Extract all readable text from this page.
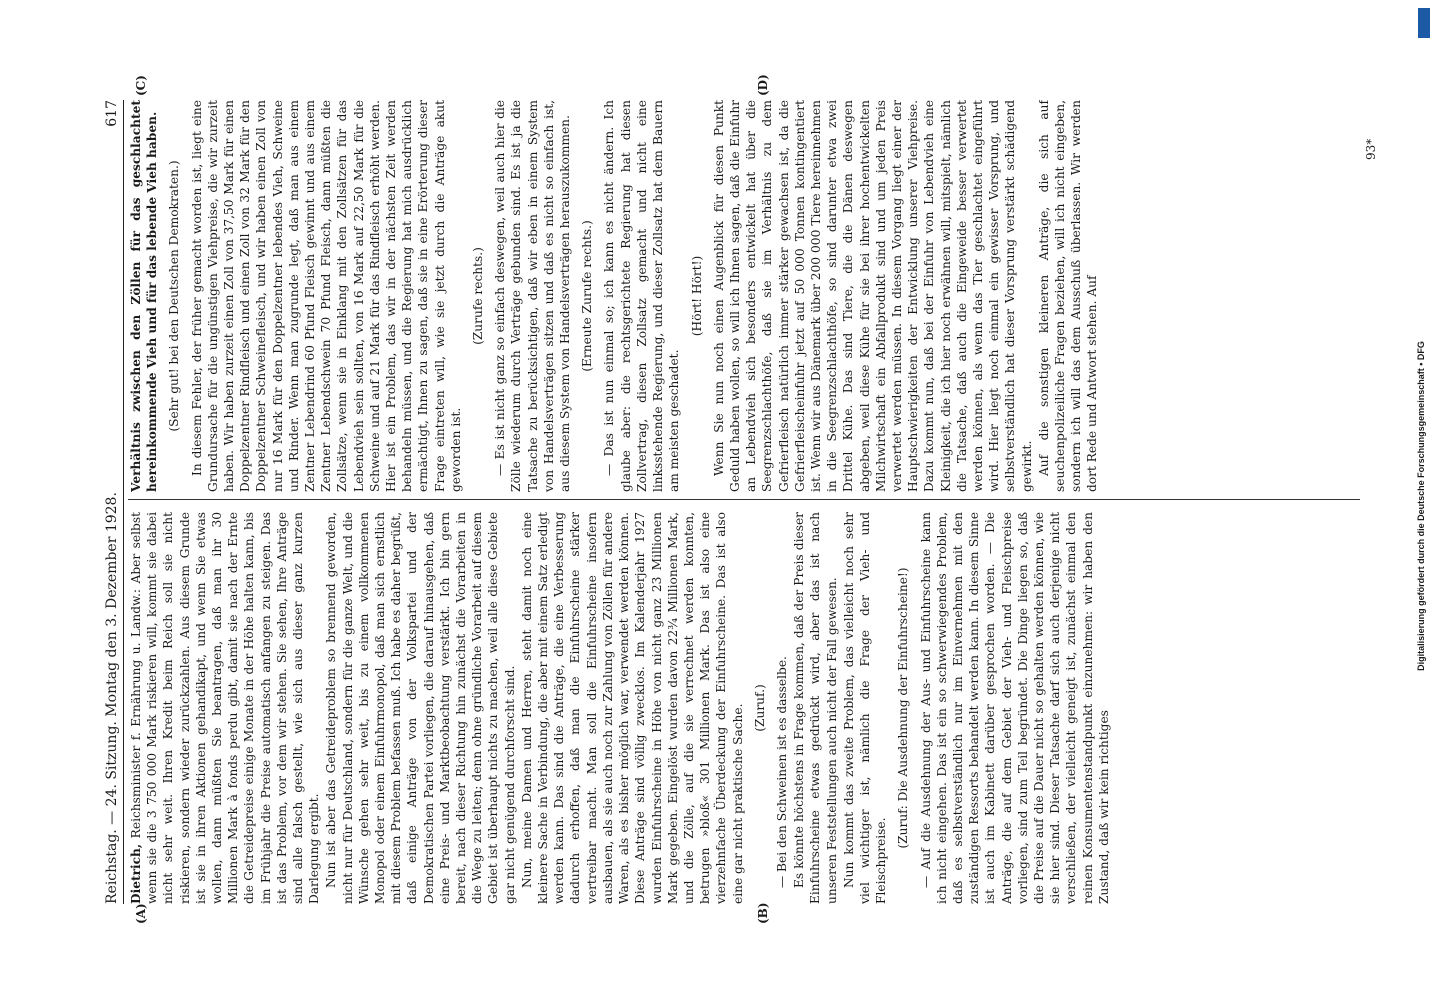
Reichstag. — 24. Sitzung. Montag den 3. Dezember 1928.
617
(A)	(B)
(C)	(D)

Dietrich, Reichsminister f. Ernährung u. Landw.: Aber selbst wenn sie die 3 750 000 Mark riskieren will, kommt sie dabei nicht sehr weit. Ihren Kredit beim Reich soll sie nicht riskieren, sondern wieder zurückzahlen. Aus diesem Grunde ist sie in ihren Aktionen gehandikapt, und wenn Sie etwas wollen, dann müßten Sie beantragen, daß man ihr 30 Millionen Mark à fonds perdu gibt, damit sie nach der Ernte die Getreidepreise einige Monate in der Höhe halten kann, bis im Frühjahr die Preise automatisch anfangen zu steigen. Das ist das Problem, vor dem wir stehen. Sie sehen, Ihre Anträge sind alle falsch gestellt, wie sich aus dieser ganz kurzen Darlegung ergibt. Nun ist aber das Getreideproblem so brennend geworden, nicht nur für Deutschland, sondern für die ganze Welt, und die Wünsche gehen sehr weit, bis zu einem vollkommenen Monopol oder einem Einfuhrmonopol, daß man sich ernstlich mit diesem Problem befassen muß. Ich habe es daher begrüßt, daß einige Anträge von der Volkspartei und der Demokratischen Partei vorliegen, die darauf hinausgehen, daß eine Preis- und Marktbeobachtung verstärkt. Ich bin gern bereit, nach dieser Richtung hin zunächst die Vorarbeiten in die Wege zu leiten; denn ohne gründliche Vorarbeit auf diesem Gebiet ist überhaupt nichts zu machen, weil alle diese Gebiete gar nicht genügend durchforscht sind. Nun, meine Damen und Herren, steht damit noch eine kleinere Sache in Verbindung, die aber mit einem Satz erledigt werden kann. Das sind die Anträge, die eine Verbesserung dadurch erhoffen, daß man die Einfuhrscheine stärker vertreibar macht. Man soll die Einfuhrscheine insofern ausbauen, als sie auch noch zur Zahlung von Zöllen für andere Waren, als es bisher möglich war, verwendet werden können. Diese Anträge sind völlig zwecklos. Im Kalenderjahr 1927 wurden Einfuhrscheine in Höhe von nicht ganz 23 Millionen Mark gegeben. Eingelöst wurden davon 22¾ Millionen Mark, und die Zölle, auf die sie verrechnet werden konnten, betrugen »bloß« 301 Millionen Mark. Das ist also eine vierzehnfache Überdeckung der Einfuhrscheine. Das ist also eine gar nicht praktische Sache. (Zuruf.) — Bei den Schweinen ist es dasselbe. Es könnte höchstens in Frage kommen, daß der Preis dieser Einfuhrscheine etwas gedrückt wird, aber das ist nach unseren Feststellungen auch nicht der Fall gewesen. Nun kommt das zweite Problem, das vielleicht noch sehr viel wichtiger ist, nämlich die Frage der Vieh- und Fleischpreise.

(Zuruf: Die Ausdehnung der Einfuhrscheine!) — Auf die Ausdehnung der Aus- und Einfuhrscheine kann ich nicht eingehen. Das ist ein so schwerwiegendes Problem, daß es selbstverständlich nur im Einvernehmen mit den zuständigen Ressorts behandelt werden kann. In diesem Sinne ist auch im Kabinett darüber gesprochen worden. — Die Anträge, die auf dem Gebiet der Vieh- und Fleischpreise vorliegen, sind zum Teil begründet. Die Dinge liegen so, daß die Preise auf die Dauer nicht so gehalten werden können, wie sie hier sind. Dieser Tatsache darf sich auch derjenige nicht verschließen, der vielleicht geneigt ist, zunächst einmal den reinen Konsumentenstandpunkt einzunehmen: wir haben den Zustand, daß wir kein richtiges

Verhältnis zwischen den Zöllen für das geschlachtet hereinkommende Vieh und für das lebende Vieh haben. (Sehr gut! bei den Deutschen Demokraten.) In diesem Fehler, der früher gemacht worden ist, liegt eine Grundursache für die ungünstigen Viehpreise, die wir zurzeit haben. Wir haben zurzeit einen Zoll von 37,50 Mark für einen Doppelzentner Rindfleisch und einen Zoll von 32 Mark für den Doppelzentner Schweinefleisch, und wir haben einen Zoll von nur 16 Mark für den Doppelzentner lebendes Vieh, Schweine und Rinder. Wenn man zugrunde legt, daß man aus einem Zentner Lebendrind 60 Pfund Fleisch gewinnt und aus einem Zentner Lebendschwein 70 Pfund Fleisch, dann müßten die Zollsätze, wenn sie in Einklang mit den Zollsätzen für das Lebendvieh sein sollten, von 16 Mark auf 22,50 Mark für die Schweine und auf 21 Mark für das Rindfleisch erhöht werden. Hier ist ein Problem, das wir in der nächsten Zeit werden behandeln müssen, und die Regierung hat mich ausdrücklich ermächtigt, Ihnen zu sagen, daß sie in eine Erörterung dieser Frage eintreten will, wie sie jetzt durch die Anträge akut geworden ist.

(Zurufe rechts.) — Es ist nicht ganz so einfach deswegen, weil auch hier die Zölle wiederum durch Verträge gebunden sind. Es ist ja die Tatsache zu berücksichtigen, daß wir eben in einem System von Handelsverträgen sitzen und daß es nicht so einfach ist, aus diesem System von Handelsverträgen herauszukommen. (Erneute Zurufe rechts.) — Das ist nun einmal so; ich kann es nicht ändern. Ich glaube aber: die rechtsgerichtete Regierung hat diesen Zollvertrag, diesen Zollsatz gemacht und nicht eine linksstehende Regierung, und dieser Zollsatz hat dem Bauern am meisten geschadet.

(Hört! Hört!) Wenn Sie nun noch einen Augenblick für diesen Punkt Geduld haben wollen, so will ich Ihnen sagen, daß die Einfuhr an Lebendvieh sich besonders entwickelt hat über die Seegrenzschlachthöfe, daß sie im Verhältnis zu dem Gefrierfleisch natürlich immer stärker gewachsen ist, da die Gefrierfleischeinfuhr jetzt auf 50 000 Tonnen kontingentiert ist. Wenn wir aus Dänemark über 200 000 Tiere hereinnehmen in die Seegrenzschlachthöfe, so sind darunter etwa zwei Drittel Kühe. Das sind Tiere, die die Dänen deswegen abgeben, weil diese Kühe für sie bei ihrer hochentwickelten Milchwirtschaft ein Abfallprodukt sind und um jeden Preis verwertet werden müssen. In diesem Vorgang liegt einer der Hauptschwierigkeiten der Entwicklung unserer Viehpreise. Dazu kommt nun, daß bei der Einfuhr von Lebendvieh eine Kleinigkeit, die ich hier noch erwähnen will, mitspielt, nämlich die Tatsache, daß auch die Eingeweide besser verwertet werden können, als wenn das Tier geschlachtet eingeführt wird. Hier liegt noch einmal ein gewisser Vorsprung, und selbstverständlich hat dieser Vorsprung verstärkt schädigend gewirkt. Auf die sonstigen kleineren Anträge, die sich auf seuchenpolizeiliche Fragen beziehen, will ich nicht eingeben, sondern ich will das dem Ausschuß überlassen. Wir werden dort Rede und Antwort stehen. Auf

93*
Digitalisierung gefördert durch die Deutsche Forschungsgemeinschaft • DFG
